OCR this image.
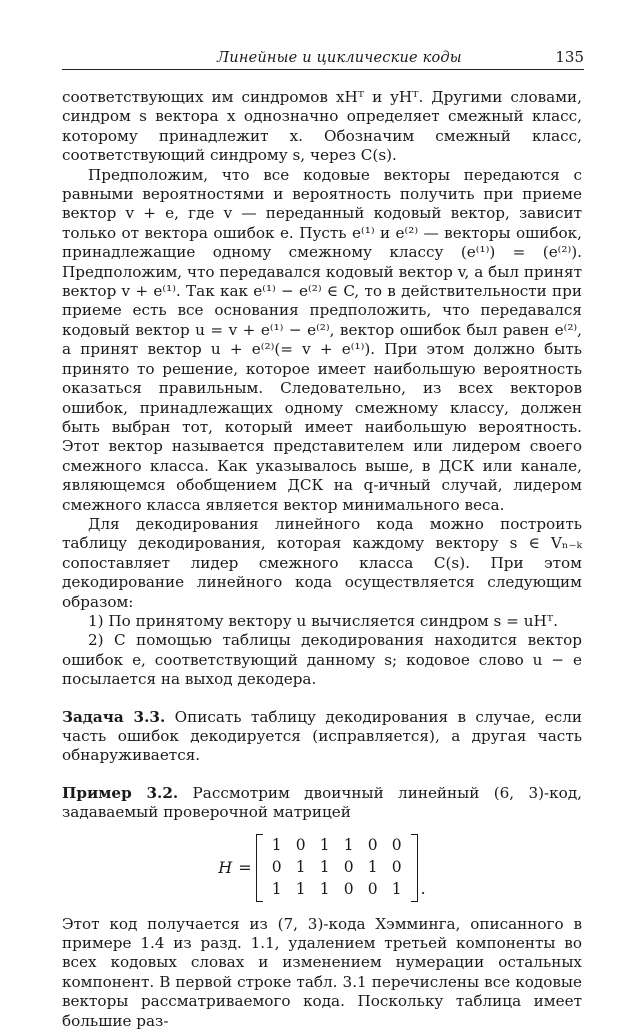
Линейные и циклические коды	135

соответствующих им синдромов xHᵀ и yHᵀ. Другими словами, синдром s вектора x однозначно определяет смежный класс, которому принадлежит x. Обозначим смежный класс, соответствующий синдрому s, через C(s).

Предположим, что все кодовые векторы передаются с равными вероятностями и вероятность получить при приеме вектор v + e, где v — переданный кодовый вектор, зависит только от вектора ошибок e. Пусть e⁽¹⁾ и e⁽²⁾ — векторы ошибок, принадлежащие одному смежному классу (e⁽¹⁾) = (e⁽²⁾). Предположим, что передавался кодовый вектор v, а был принят вектор v + e⁽¹⁾. Так как e⁽¹⁾ − e⁽²⁾ ∈ C, то в действительности при приеме есть все основания предположить, что передавался кодовый вектор u = v + e⁽¹⁾ − e⁽²⁾, вектор ошибок был равен e⁽²⁾, а принят вектор u + e⁽²⁾(= v + e⁽¹⁾). При этом должно быть принято то решение, которое имеет наибольшую вероятность оказаться правильным. Следовательно, из всех векторов ошибок, принадлежащих одному смежному классу, должен быть выбран тот, который имеет наибольшую вероятность. Этот вектор называется представителем или лидером своего смежного класса. Как указывалось выше, в ДСК или канале, являющемся обобщением ДСК на q-ичный случай, лидером смежного класса является вектор минимального веса.

Для декодирования линейного кода можно построить таблицу декодирования, которая каждому вектору s ∈ Vₙ₋ₖ сопоставляет лидер смежного класса C(s). При этом декодирование линейного кода осуществляется следующим образом:

1) По принятому вектору u вычисляется синдром s = uHᵀ.

2) С помощью таблицы декодирования находится вектор ошибок e, соответствующий данному s; кодовое слово u − e посылается на выход декодера.

Задача 3.3. Описать таблицу декодирования в случае, если часть ошибок декодируется (исправляется), а другая часть обнаруживается.

Пример 3.2. Рассмотрим двоичный линейный (6, 3)-код, задаваемый проверочной матрицей

H =
1 0 1 1 0 0
0 1 1 0 1 0
1 1 1 0 0 1	.

Этот код получается из (7, 3)-кода Хэмминга, описанного в примере 1.4 из разд. 1.1, удалением третьей компоненты во всех кодовых словах и изменением нумерации остальных компонент. В первой строке табл. 3.1 перечислены все кодовые векторы рассматриваемого кода. Поскольку таблица имеет большие раз-
